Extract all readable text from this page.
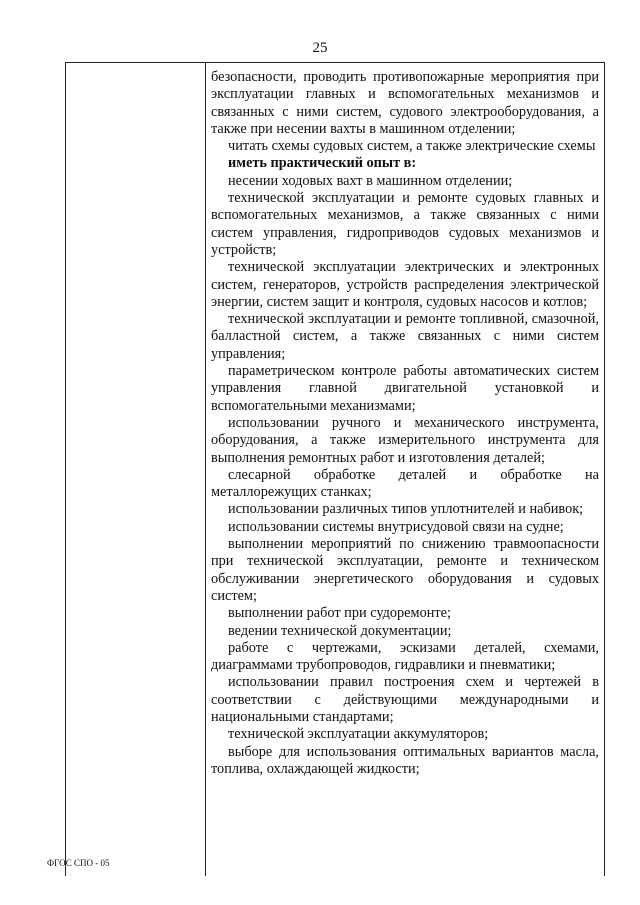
25

безопасности, проводить противопожарные мероприятия при эксплуатации главных и вспомогательных механизмов и связанных с ними систем, судового электрооборудования, а также при несении вахты в машинном отделении;

читать схемы судовых систем, а также электрические схемы

иметь практический опыт в:

несении ходовых вахт в машинном отделении;

технической эксплуатации и ремонте судовых главных и вспомогательных механизмов, а также связанных с ними систем управления, гидроприводов судовых механизмов и устройств;

технической эксплуатации электрических и электронных систем, генераторов, устройств распределения электрической энергии, систем защит и контроля, судовых насосов и котлов;

технической эксплуатации и ремонте топливной, смазочной, балластной систем, а также связанных с ними систем управления;

параметрическом контроле работы автоматических систем управления главной двигательной установкой и вспомогательными механизмами;

использовании ручного и механического инструмента, оборудования, а также измерительного инструмента для выполнения ремонтных работ и изготовления деталей;

слесарной обработке деталей и обработке на металлорежущих станках;

использовании различных типов уплотнителей и набивок;

использовании системы внутрисудовой связи на судне;

выполнении мероприятий по снижению травмоопасности при технической эксплуатации, ремонте и техническом обслуживании энергетического оборудования и судовых систем;

выполнении работ при судоремонте;

ведении технической документации;

работе с чертежами, эскизами деталей, схемами, диаграммами трубопроводов, гидравлики и пневматики;

использовании правил построения схем и чертежей в соответствии с действующими международными и национальными стандартами;

технической эксплуатации аккумуляторов;

выборе для использования оптимальных вариантов масла, топлива, охлаждающей жидкости;

ФГОС СПО - 05
